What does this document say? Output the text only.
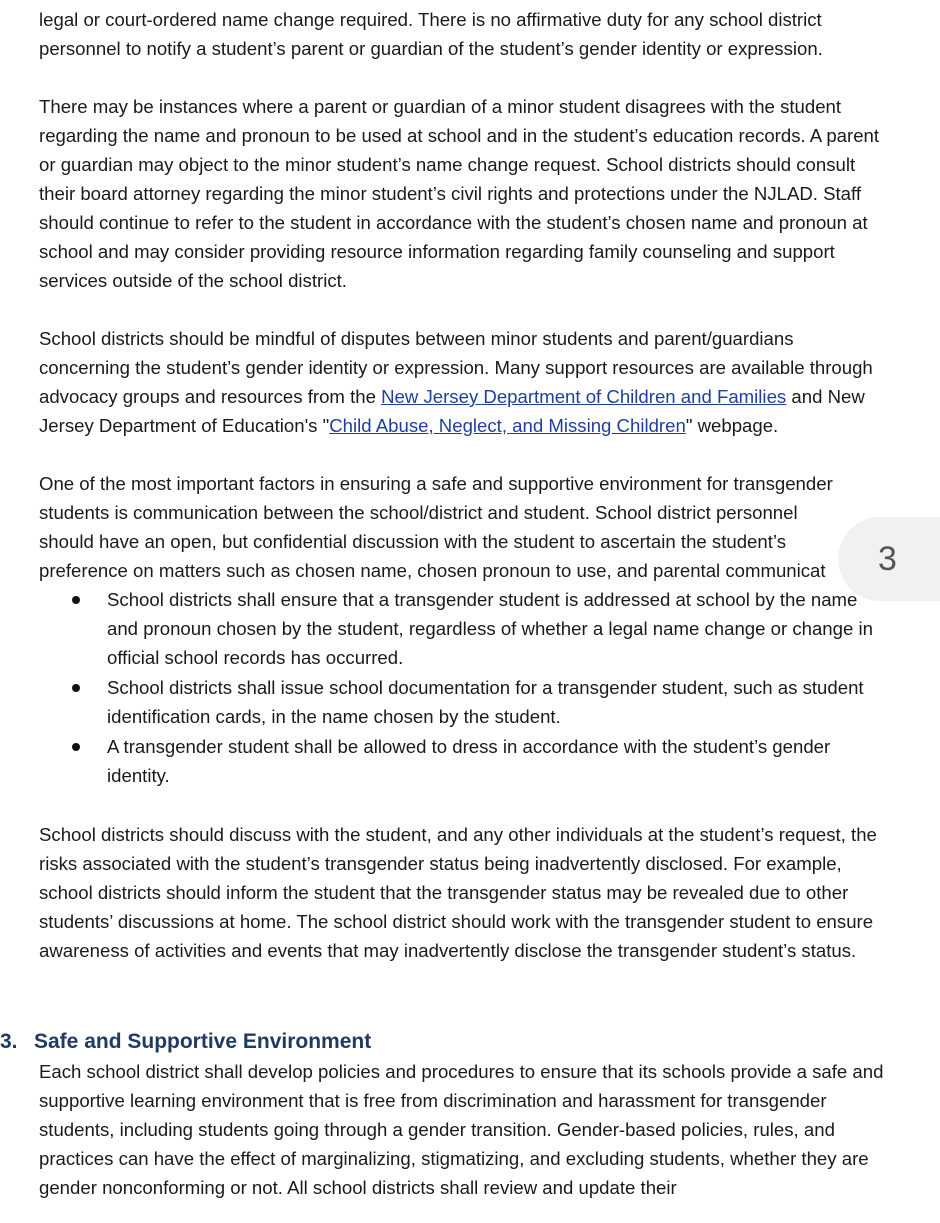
legal or court-ordered name change required. There is no affirmative duty for any school district personnel to notify a student’s parent or guardian of the student’s gender identity or expression.

There may be instances where a parent or guardian of a minor student disagrees with the student regarding the name and pronoun to be used at school and in the student’s education records. A parent or guardian may object to the minor student’s name change request. School districts should consult their board attorney regarding the minor student’s civil rights and protections under the NJLAD. Staff should continue to refer to the student in accordance with the student’s chosen name and pronoun at school and may consider providing resource information regarding family counseling and support services outside of the school district.

School districts should be mindful of disputes between minor students and parent/guardians concerning the student’s gender identity or expression. Many support resources are available through advocacy groups and resources from the New Jersey Department of Children and Families and New Jersey Department of Education's "Child Abuse, Neglect, and Missing Children" webpage.

One of the most important factors in ensuring a safe and supportive environment for transgender

students is communication between the school/district and student. School district personnel

should have an open, but confidential discussion with the student to ascertain the student’s

preference on matters such as chosen name, chosen pronoun to use, and parental communicat

School districts shall ensure that a transgender student is addressed at school by the name and pronoun chosen by the student, regardless of whether a legal name change or change in official school records has occurred.
School districts shall issue school documentation for a transgender student, such as student identification cards, in the name chosen by the student.
A transgender student shall be allowed to dress in accordance with the student’s gender identity.

School districts should discuss with the student, and any other individuals at the student’s request, the risks associated with the student’s transgender status being inadvertently disclosed. For example, school districts should inform the student that the transgender status may be revealed due to other students’ discussions at home. The school district should work with the transgender student to ensure awareness of activities and events that may inadvertently disclose the transgender student’s status.

3. Safe and Supportive Environment

Each school district shall develop policies and procedures to ensure that its schools provide a safe and supportive learning environment that is free from discrimination and harassment for transgender students, including students going through a gender transition. Gender-based policies, rules, and practices can have the effect of marginalizing, stigmatizing, and excluding students, whether they are gender nonconforming or not. All school districts shall review and update their

3
